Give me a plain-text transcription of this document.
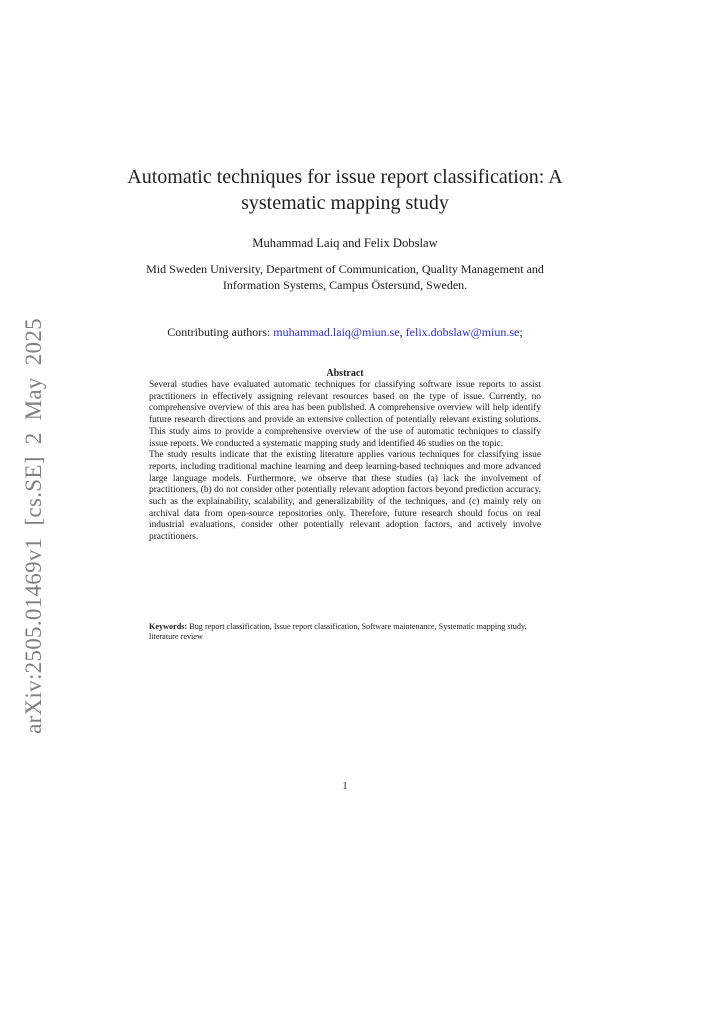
arXiv:2505.01469v1 [cs.SE] 2 May 2025
Automatic techniques for issue report classification: A systematic mapping study
Muhammad Laiq and Felix Dobslaw
Mid Sweden University, Department of Communication, Quality Management and Information Systems, Campus Östersund, Sweden.
Contributing authors: muhammad.laiq@miun.se, felix.dobslaw@miun.se;
Abstract

Several studies have evaluated automatic techniques for classifying software issue reports to assist practitioners in effectively assigning relevant resources based on the type of issue. Currently, no comprehensive overview of this area has been published. A comprehensive overview will help identify future research directions and provide an extensive collection of potentially relevant existing solutions. This study aims to provide a comprehensive overview of the use of automatic techniques to classify issue reports. We conducted a systematic mapping study and identified 46 studies on the topic.

The study results indicate that the existing literature applies various techniques for classifying issue reports, including traditional machine learning and deep learning-based techniques and more advanced large language models. Furthermore, we observe that these studies (a) lack the involvement of practitioners, (b) do not consider other potentially relevant adoption factors beyond prediction accuracy, such as the explainability, scalability, and generalizability of the techniques, and (c) mainly rely on archival data from open-source repositories only. Therefore, future research should focus on real industrial evaluations, consider other potentially relevant adoption factors, and actively involve practitioners.

Keywords: Bug report classification, Issue report classification, Software maintenance, Systematic mapping study, literature review
1
